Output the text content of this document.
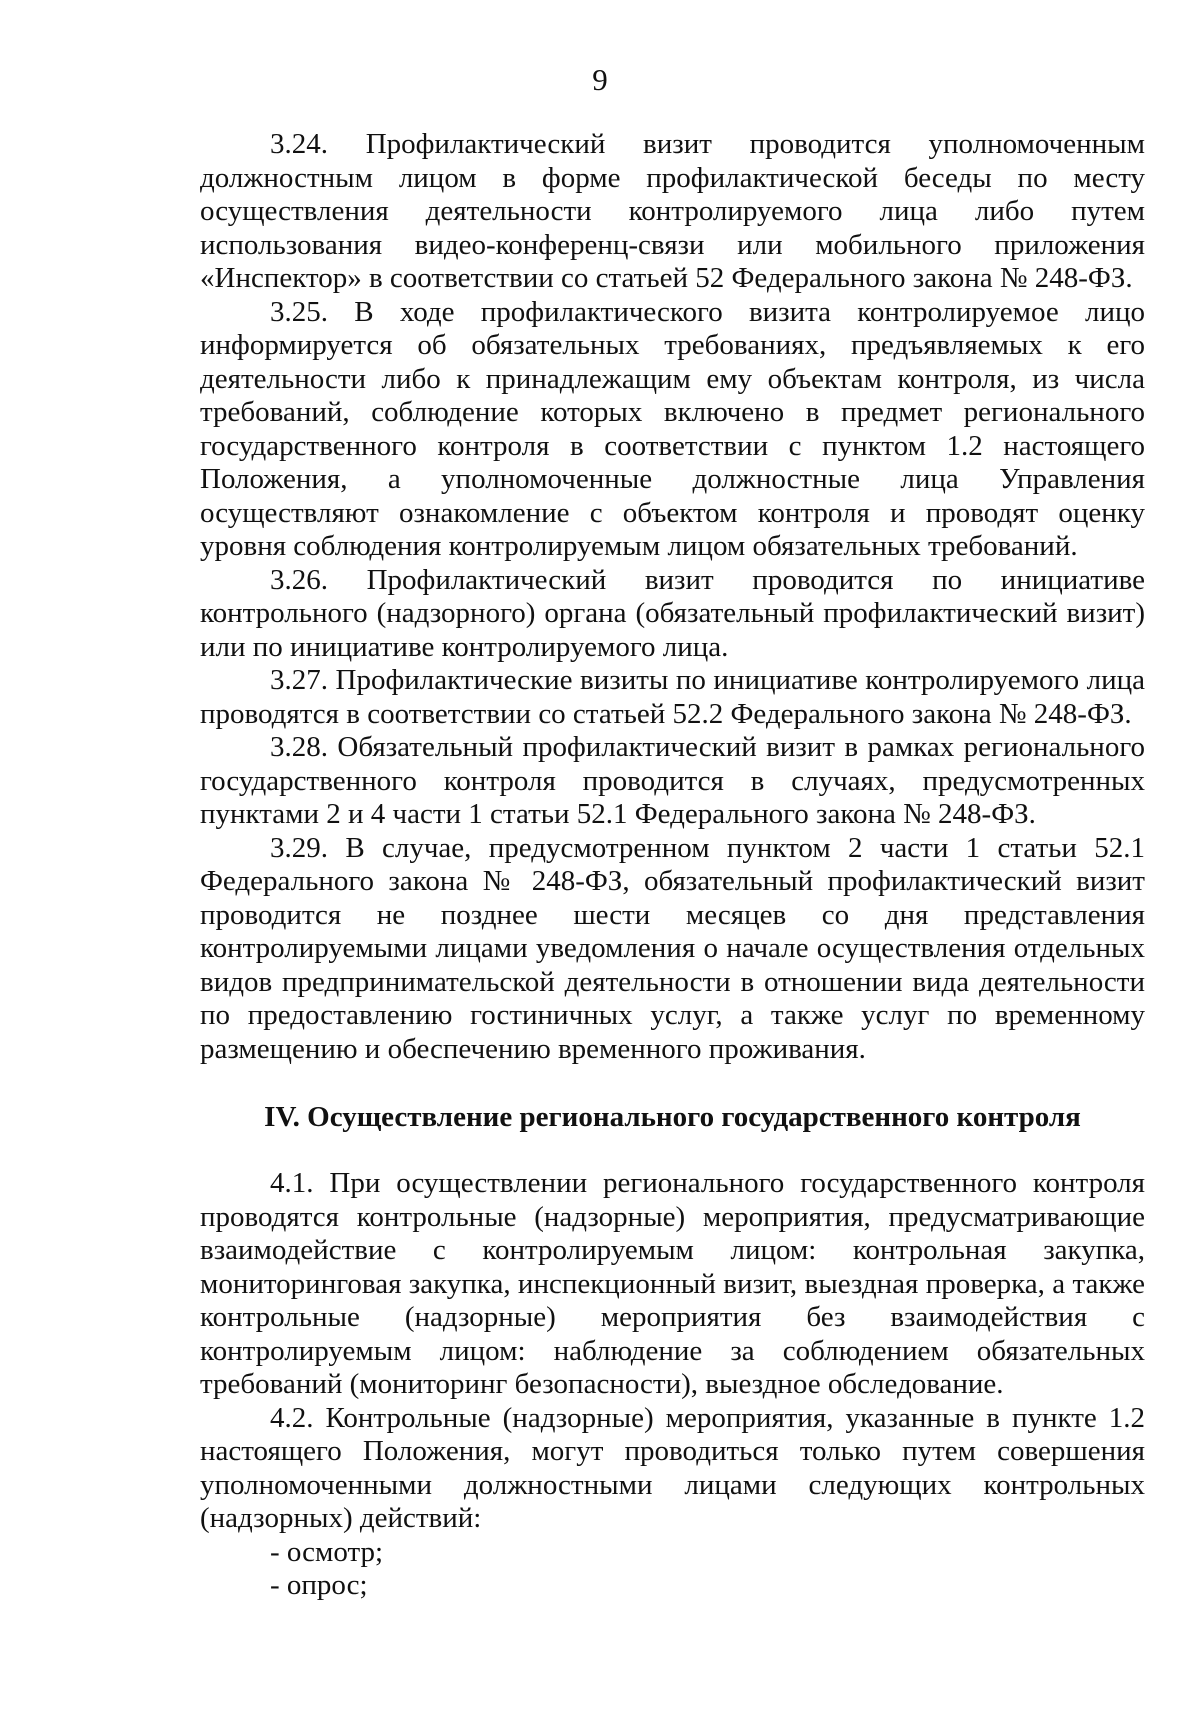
9

3.24. Профилактический визит проводится уполномоченным должностным лицом в форме профилактической беседы по месту осуществления деятельности контролируемого лица либо путем использования видео-конференц-связи или мобильного приложения «Инспектор» в соответствии со статьей 52 Федерального закона № 248-ФЗ.

3.25. В ходе профилактического визита контролируемое лицо информируется об обязательных требованиях, предъявляемых к его деятельности либо к принадлежащим ему объектам контроля, из числа требований, соблюдение которых включено в предмет регионального государственного контроля в соответствии с пунктом 1.2 настоящего Положения, а уполномоченные должностные лица Управления осуществляют ознакомление с объектом контроля и проводят оценку уровня соблюдения контролируемым лицом обязательных требований.

3.26. Профилактический визит проводится по инициативе контрольного (надзорного) органа (обязательный профилактический визит) или по инициативе контролируемого лица.

3.27. Профилактические визиты по инициативе контролируемого лица проводятся в соответствии со статьей 52.2 Федерального закона № 248-ФЗ.

3.28. Обязательный профилактический визит в рамках регионального государственного контроля проводится в случаях, предусмотренных пунктами 2 и 4 части 1 статьи 52.1 Федерального закона № 248-ФЗ.

3.29. В случае, предусмотренном пунктом 2 части 1 статьи 52.1 Федерального закона № 248-ФЗ, обязательный профилактический визит проводится не позднее шести месяцев со дня представления контролируемыми лицами уведомления о начале осуществления отдельных видов предпринимательской деятельности в отношении вида деятельности по предоставлению гостиничных услуг, а также услуг по временному размещению и обеспечению временного проживания.

IV. Осуществление регионального государственного контроля

4.1. При осуществлении регионального государственного контроля проводятся контрольные (надзорные) мероприятия, предусматривающие взаимодействие с контролируемым лицом: контрольная закупка, мониторинговая закупка, инспекционный визит, выездная проверка, а также контрольные (надзорные) мероприятия без взаимодействия с контролируемым лицом: наблюдение за соблюдением обязательных требований (мониторинг безопасности), выездное обследование.

4.2. Контрольные (надзорные) мероприятия, указанные в пункте 1.2 настоящего Положения, могут проводиться только путем совершения уполномоченными должностными лицами следующих контрольных (надзорных) действий:

- осмотр;

- опрос;
